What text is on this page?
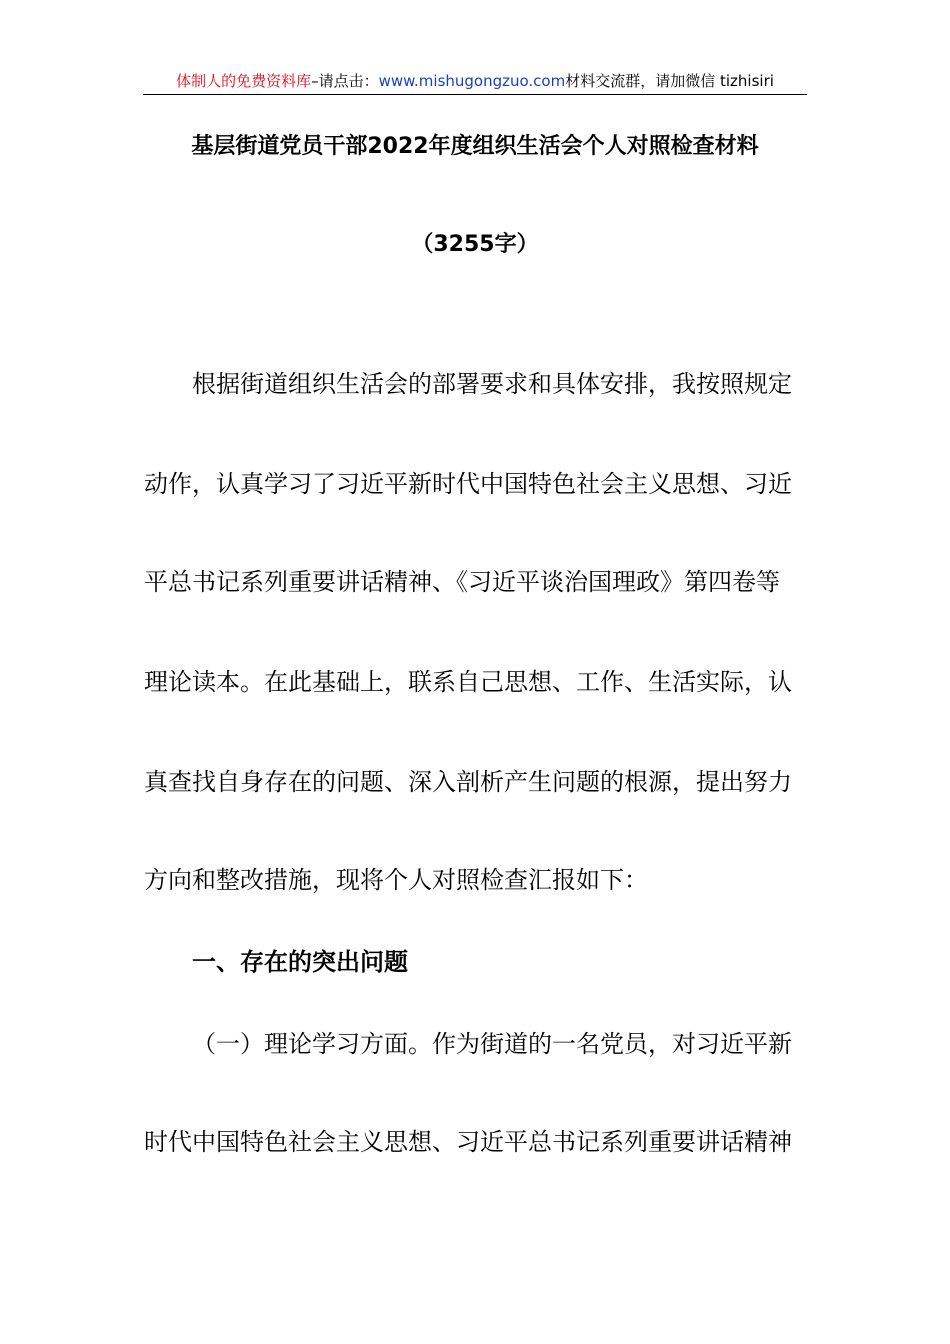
体制人的免费资料库–请点击：www.mishugongzuo.com材料交流群，请加微信 tizhisiri
基层街道党员干部2022年度组织生活会个人对照检查材料
（3255字）
根据街道组织生活会的部署要求和具体安排，我按照规定
动作，认真学习了习近平新时代中国特色社会主义思想、习近
平总书记系列重要讲话精神、《习近平谈治国理政》第四卷等
理论读本。在此基础上，联系自己思想、工作、生活实际，认
真查找自身存在的问题、深入剖析产生问题的根源，提出努力
方向和整改措施，现将个人对照检查汇报如下：
一、存在的突出问题
（一）理论学习方面。作为街道的一名党员，对习近平新
时代中国特色社会主义思想、习近平总书记系列重要讲话精神
